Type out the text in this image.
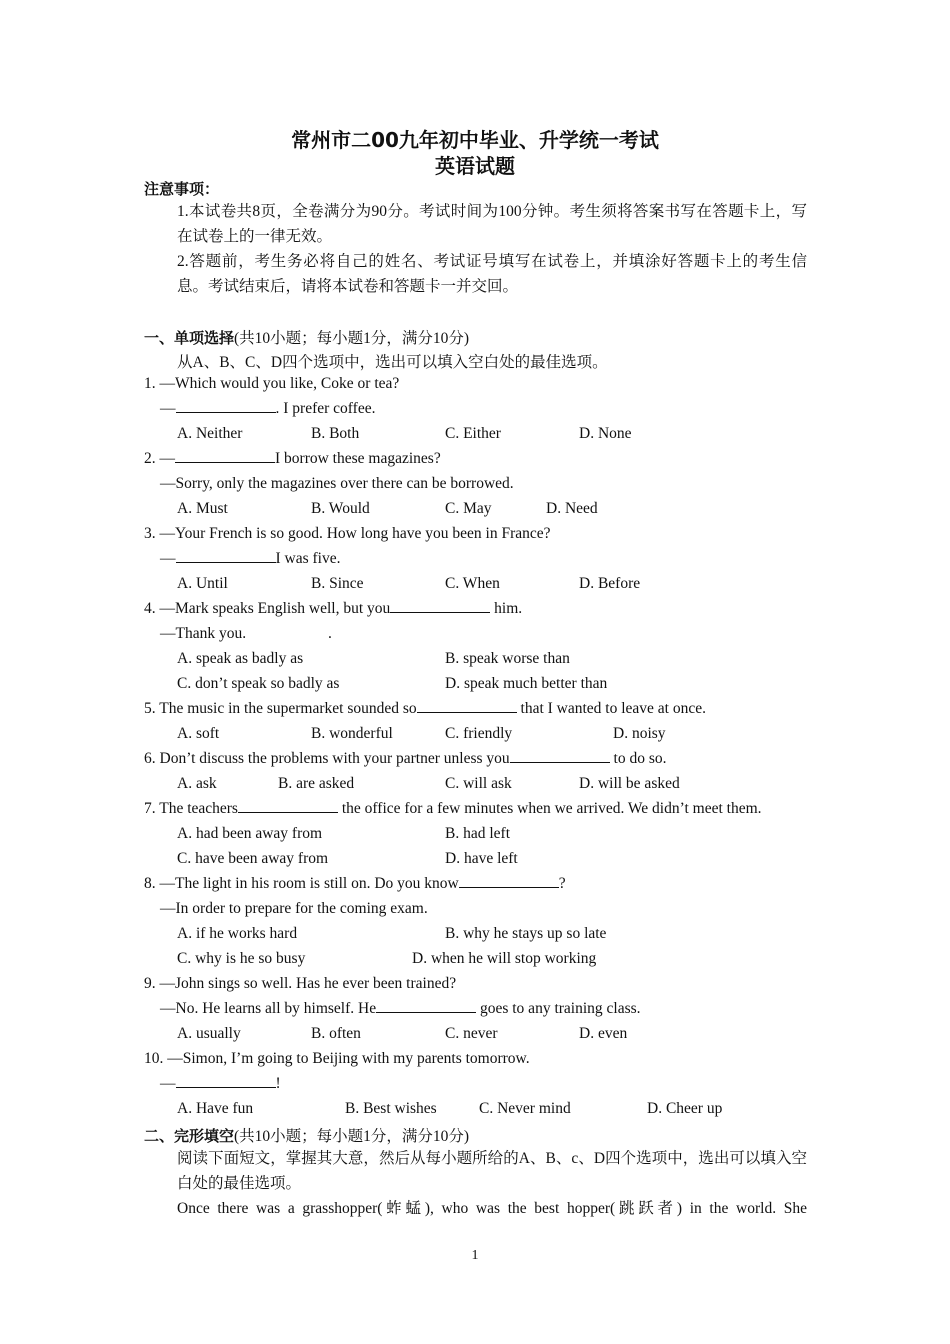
常州市二00九年初中毕业、升学统一考试
英语试题
注意事项：
1.本试卷共8页，全卷满分为90分。考试时间为100分钟。考生须将答案书写在答题卡上，写在试卷上的一律无效。
2.答题前，考生务必将自己的姓名、考试证号填写在试卷上，并填涂好答题卡上的考生信息。考试结束后，请将本试卷和答题卡一并交回。
一、单项选择(共10小题；每小题1分，满分10分)
从A、B、C、D四个选项中，选出可以填入空白处的最佳选项。
1. —Which would you like, Coke or tea?
—	. I prefer coffee.
A. Neither	B. Both	C. Either	D. None
2. —	I borrow these magazines?
—Sorry, only the magazines over there can be borrowed.
A. Must	B. Would	C. May	D. Need
3. —Your French is so good. How long have you been in France?
—	I was five.
A. Until	B. Since	C. When	D. Before
4. —Mark speaks English well, but you	him.
—Thank you.	.
A. speak as badly as	B. speak worse than
C. don’t speak so badly as	D. speak much better than
5. The music in the supermarket sounded so	that I wanted to leave at once.
A. soft	B. wonderful	C. friendly	D. noisy
6. Don’t discuss the problems with your partner unless you	to do so.
A. ask	B. are asked	C. will ask	D. will be asked
7. The teachers	the office for a few minutes when we arrived. We didn’t meet them.
A. had been away from	B. had left
C. have been away from	D. have left
8. —The light in his room is still on. Do you know	?
—In order to prepare for the coming exam.
A. if he works hard	B. why he stays up so late
C. why is he so busy	D. when he will stop working
9. —John sings so well. Has he ever been trained?
—No. He learns all by himself. He	goes to any training class.
A. usually	B. often	C. never	D. even
10. —Simon, I’m going to Beijing with my parents tomorrow.
—	!
A. Have fun	B. Best wishes	C. Never mind	D. Cheer up
二、完形填空(共10小题；每小题1分，满分10分)
阅读下面短文，掌握其大意，然后从每小题所给的A、B、c、D四个选项中，选出可以填入空白处的最佳选项。
Once there was a grasshopper(蚱蜢), who was the best hopper(跳跃者) in the world. She
1
